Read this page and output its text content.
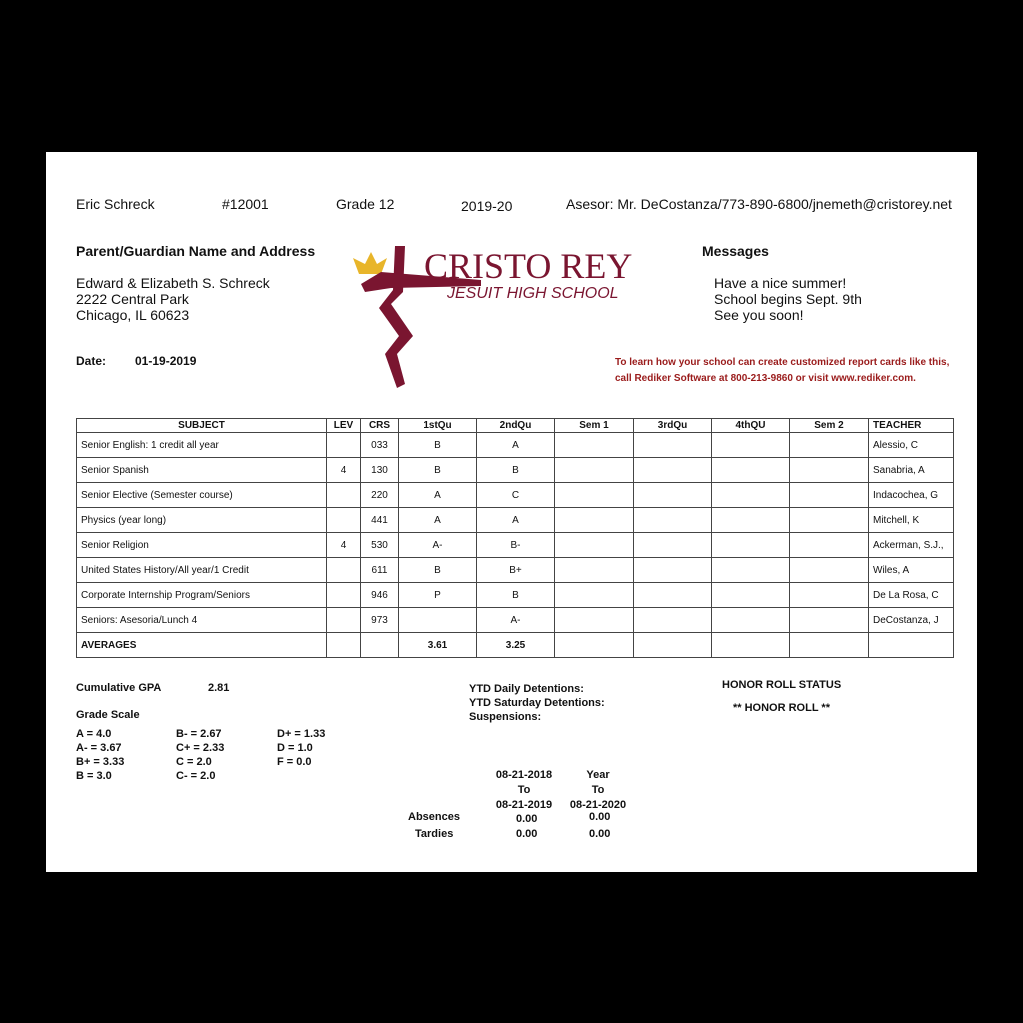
Eric Schreck	#12001	Grade 12	2019-20	Asesor: Mr. DeCostanza/773-890-6800/jnemeth@cristorey.net
Parent/Guardian Name and Address
Edward & Elizabeth S. Schreck
2222 Central Park
Chicago, IL 60623
Date: 01-19-2019
CRISTO REY
JESUIT HIGH SCHOOL
Messages
Have a nice summer!
School begins Sept. 9th
See you soon!
To learn how your school can create customized report cards like this,
call Rediker Software at 800-213-9860 or visit www.rediker.com.
SUBJECT	LEV	CRS	1stQu	2ndQu	Sem 1	3rdQu	4thQU	Sem 2	TEACHER
Senior English: 1 credit all year		033	B	A					Alessio, C
Senior Spanish	4	130	B	B					Sanabria, A
Senior Elective (Semester course)		220	A	C					Indacochea, G
Physics (year long)		441	A	A					Mitchell, K
Senior Religion	4	530	A-	B-					Ackerman, S.J.,
United States History/All year/1 Credit		611	B	B+					Wiles, A
Corporate Internship Program/Seniors		946	P	B					De La Rosa, C
Seniors: Asesoria/Lunch 4		973		A-					DeCostanza, J
AVERAGES			3.61	3.25					
Cumulative GPA	2.81
Grade Scale
A = 4.0
A- = 3.67
B+ = 3.33
B = 3.0
B- = 2.67
C+ = 2.33
C = 2.0
C- = 2.0
D+ = 1.33
D = 1.0
F = 0.0
YTD Daily Detentions:
YTD Saturday Detentions:
Suspensions:
HONOR ROLL STATUS
** HONOR ROLL **
08-21-2018
To
08-21-2019
Year
To
08-21-2020
Absences	0.00	0.00
Tardies	0.00	0.00
